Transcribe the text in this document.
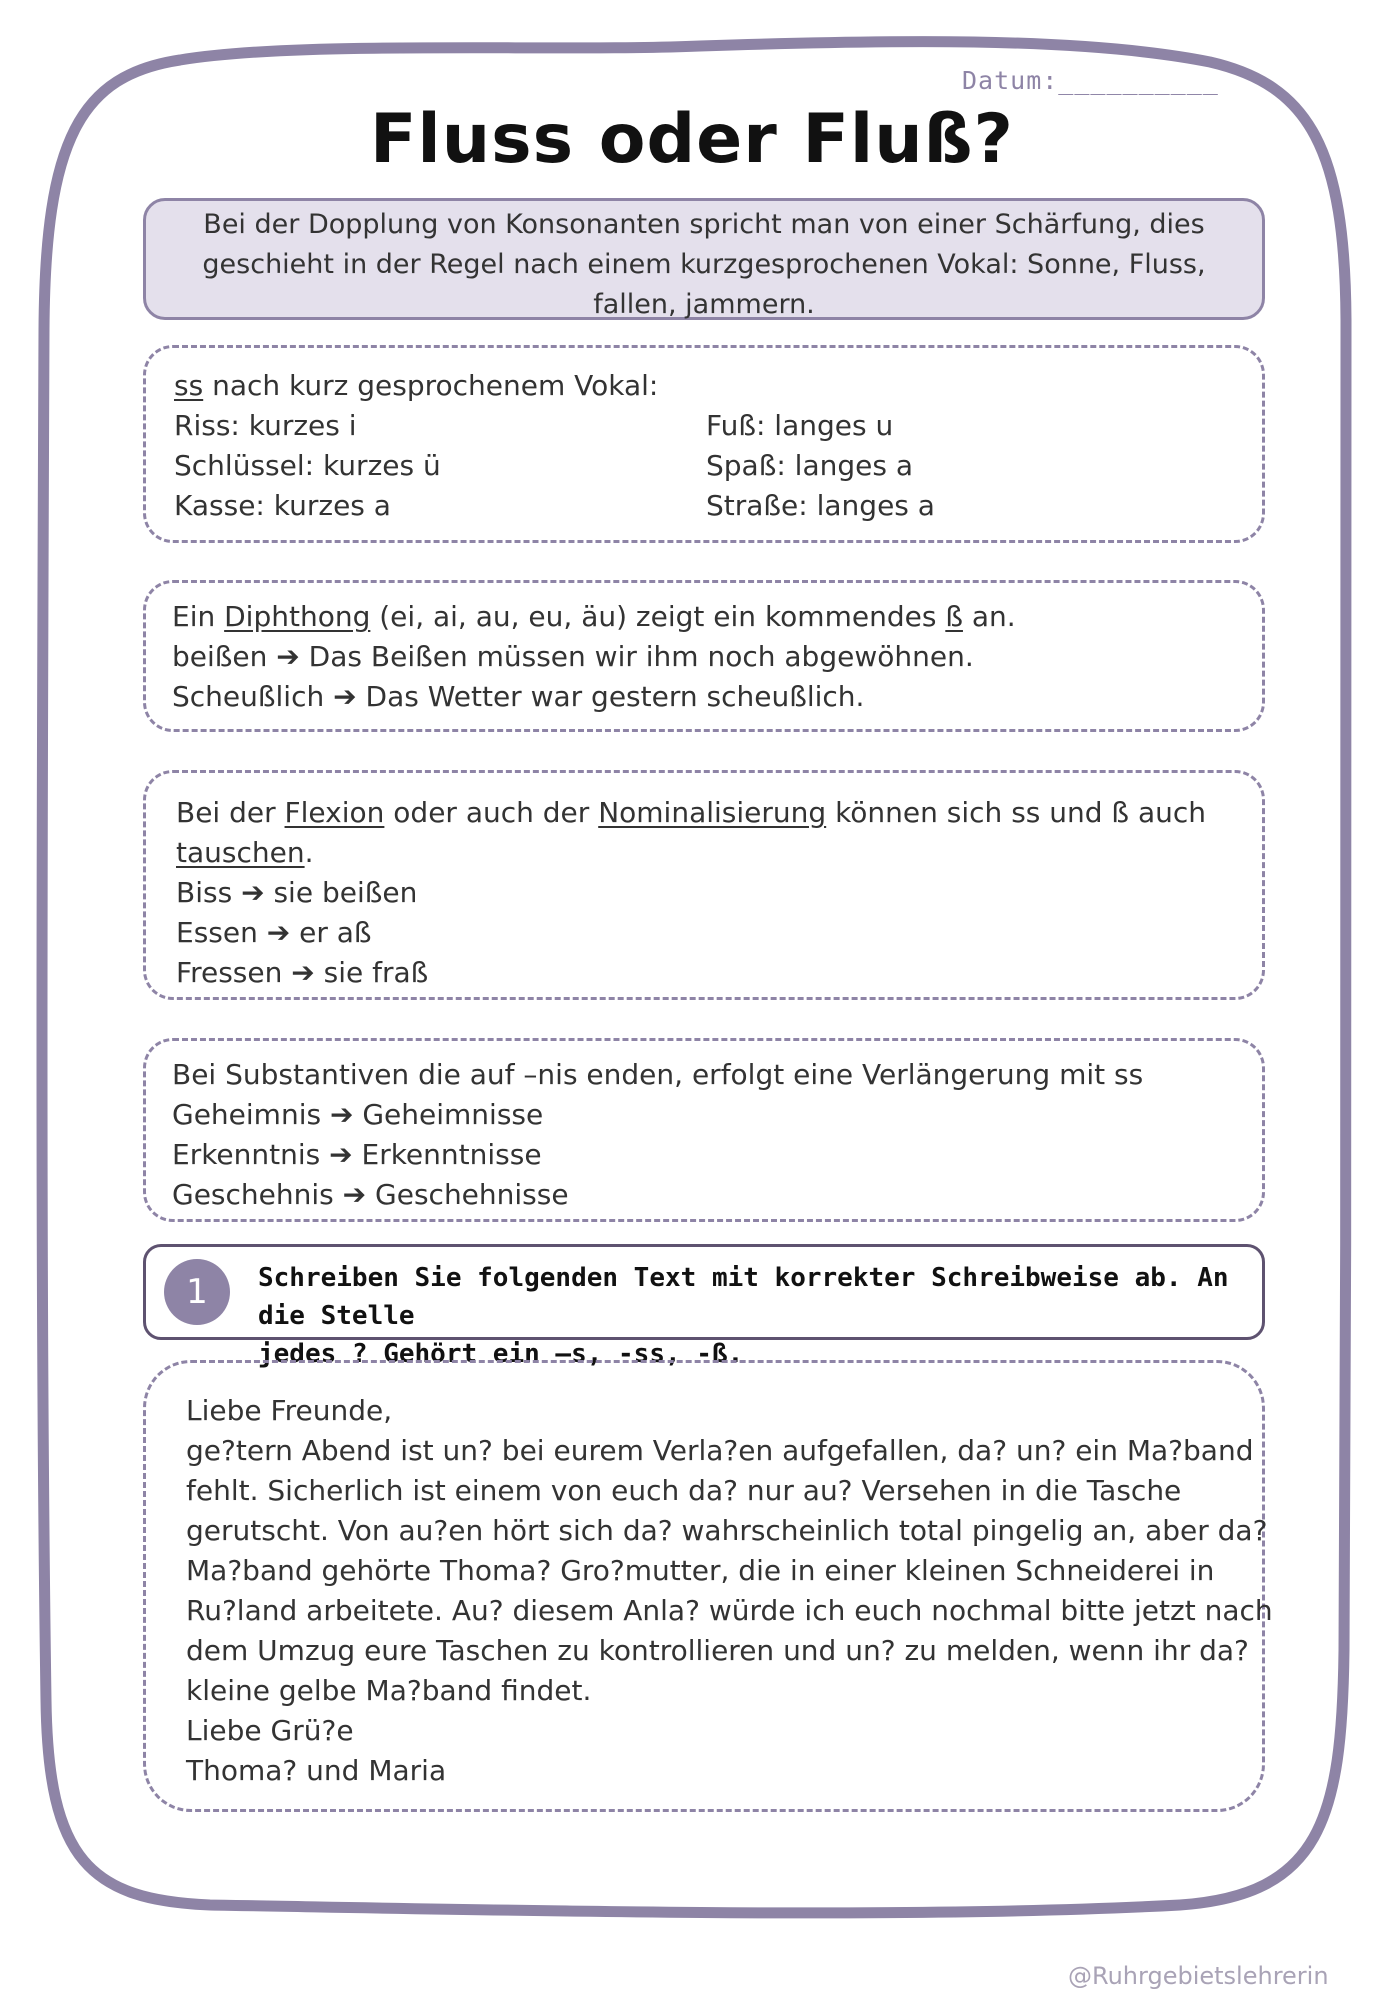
Datum:__________
Fluss oder Fluß?
Bei der Dopplung von Konsonanten spricht man von einer Schärfung, dies geschieht in der Regel nach einem kurzgesprochenen Vokal: Sonne, Fluss, fallen, jammern.
ss nach kurz gesprochenem Vokal:
Riss: kurzes i
Schlüssel: kurzes ü
Kasse: kurzes a
Fuß: langes u
Spaß: langes a
Straße: langes a
Ein Diphthong (ei, ai, au, eu, äu) zeigt ein kommendes ß an.
beißen ➔ Das Beißen müssen wir ihm noch abgewöhnen.
Scheußlich ➔ Das Wetter war gestern scheußlich.
Bei der Flexion oder auch der Nominalisierung können sich ss und ß auch
tauschen.
Biss ➔ sie beißen
Essen ➔ er aß
Fressen ➔ sie fraß
Bei Substantiven die auf –nis enden, erfolgt eine Verlängerung mit ss
Geheimnis ➔ Geheimnisse
Erkenntnis ➔ Erkenntnisse
Geschehnis ➔ Geschehnisse
1	Schreiben Sie folgenden Text mit korrekter Schreibweise ab. An die Stelle
jedes ? Gehört ein –s, -ss, -ß.
Liebe Freunde,
ge?tern Abend ist un? bei eurem Verla?en aufgefallen, da? un? ein Ma?band
fehlt. Sicherlich ist einem von euch da? nur au? Versehen in die Tasche
gerutscht. Von au?en hört sich da? wahrscheinlich total pingelig an, aber da?
Ma?band gehörte Thoma? Gro?mutter, die in einer kleinen Schneiderei in
Ru?land arbeitete. Au? diesem Anla? würde ich euch nochmal bitte jetzt nach
dem Umzug eure Taschen zu kontrollieren und un? zu melden, wenn ihr da?
kleine gelbe Ma?band findet.
Liebe Grü?e
Thoma? und Maria
@Ruhrgebietslehrerin
